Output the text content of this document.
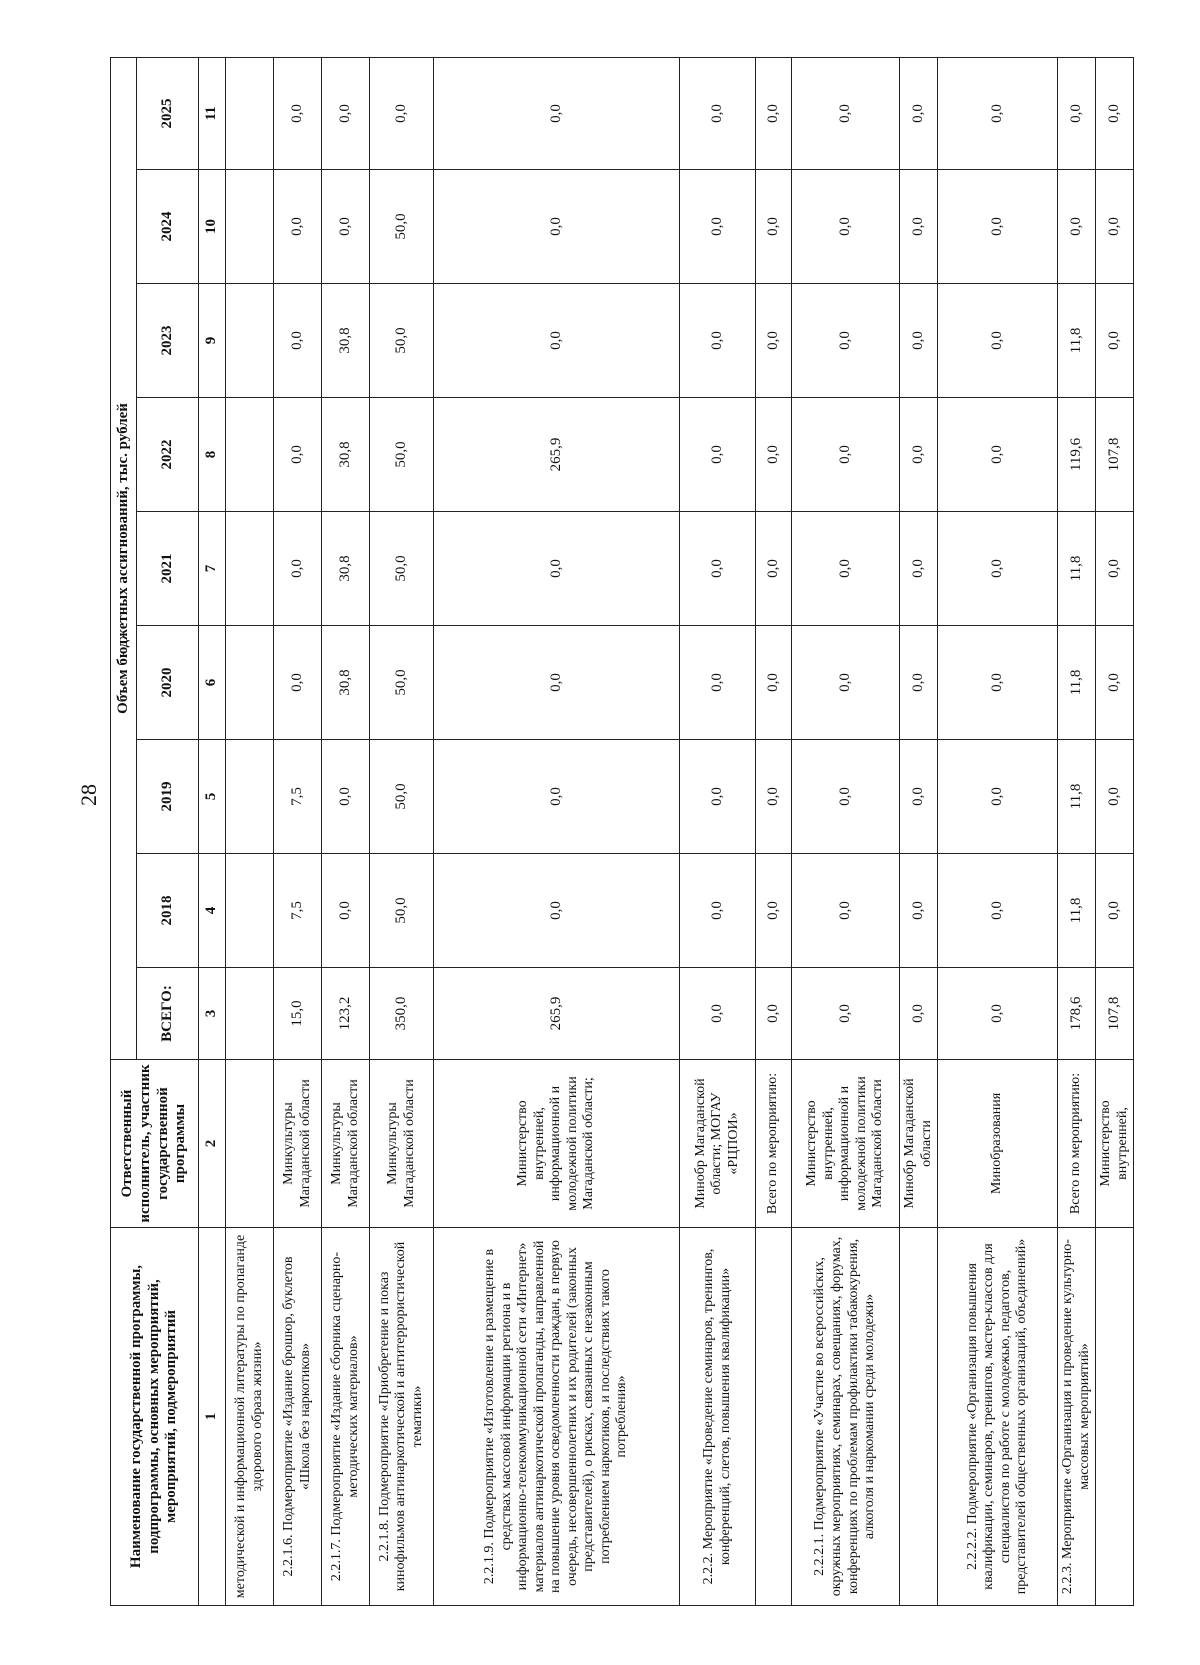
28
Наименование государственной программы, подпрограммы, основных мероприятий, мероприятий, подмероприятий	Ответственный исполнитель, участник государственной программы	Объем бюджетных ассигнований, тыс. рублей								
		ВСЕГО:	2018	2019	2020	2021	2022	2023	2024	2025
1	2	3	4	5	6	7	8	9	10	11
методической и информационной литературы по пропаганде здорового образа жизни»										
2.2.1.6. Подмероприятие «Издание брошюр, буклетов «Школа без наркотиков»	Минкультуры Магаданской области	15,0	7,5	7,5	0,0	0,0	0,0	0,0	0,0	0,0
2.2.1.7. Подмероприятие «Издание сборника сценарно-методических материалов»	Минкультуры Магаданской области	123,2	0,0	0,0	30,8	30,8	30,8	30,8	0,0	0,0
2.2.1.8. Подмероприятие «Приобретение и показ кинофильмов антинаркотической и антитеррористической тематики»	Минкультуры Магаданской области	350,0	50,0	50,0	50,0	50,0	50,0	50,0	50,0	0,0
2.2.1.9. Подмероприятие «Изготовление и размещение в средствах массовой информации региона и в информационно-телекоммуникационной сети «Интернет» материалов антинаркотической пропаганды, направленной на повышение уровня осведомленности граждан, в первую очередь, несовершеннолетних и их родителей (законных представителей), о рисках, связанных с незаконным потреблением наркотиков, и последствиях такого потребления»	Министерство внутренней, информационной и молодежной политики Магаданской области;	265,9	0,0	0,0	0,0	0,0	265,9	0,0	0,0	0,0
2.2.2. Мероприятие «Проведение семинаров, тренингов, конференций, слетов, повышения квалификации»	Минобр Магаданской области; МОГАУ «РЦПОИ»	0,0	0,0	0,0	0,0	0,0	0,0	0,0	0,0	0,0
	Всего по мероприятию:	0,0	0,0	0,0	0,0	0,0	0,0	0,0	0,0	0,0
2.2.2.1. Подмероприятие «Участие во всероссийских, окружных мероприятиях, семинарах, совещаниях, форумах, конференциях по проблемам профилактики табакокурения, алкоголя и наркомании среди молодежи»	Министерство внутренней, информационной и молодежной политики Магаданской области	0,0	0,0	0,0	0,0	0,0	0,0	0,0	0,0	0,0
	Минобр Магаданской области	0,0	0,0	0,0	0,0	0,0	0,0	0,0	0,0	0,0
2.2.2.2. Подмероприятие «Организация повышения квалификации, семинаров, тренингов, мастер-классов для специалистов по работе с молодежью, педагогов, представителей общественных организаций, объединений»	Минобразования	0,0	0,0	0,0	0,0	0,0	0,0	0,0	0,0	0,0
2.2.3. Мероприятие «Организация и проведение культурно-массовых мероприятий»	Всего по мероприятию:	178,6	11,8	11,8	11,8	11,8	119,6	11,8	0,0	0,0
	Министерство внутренней,	107,8	0,0	0,0	0,0	0,0	107,8	0,0	0,0	0,0
